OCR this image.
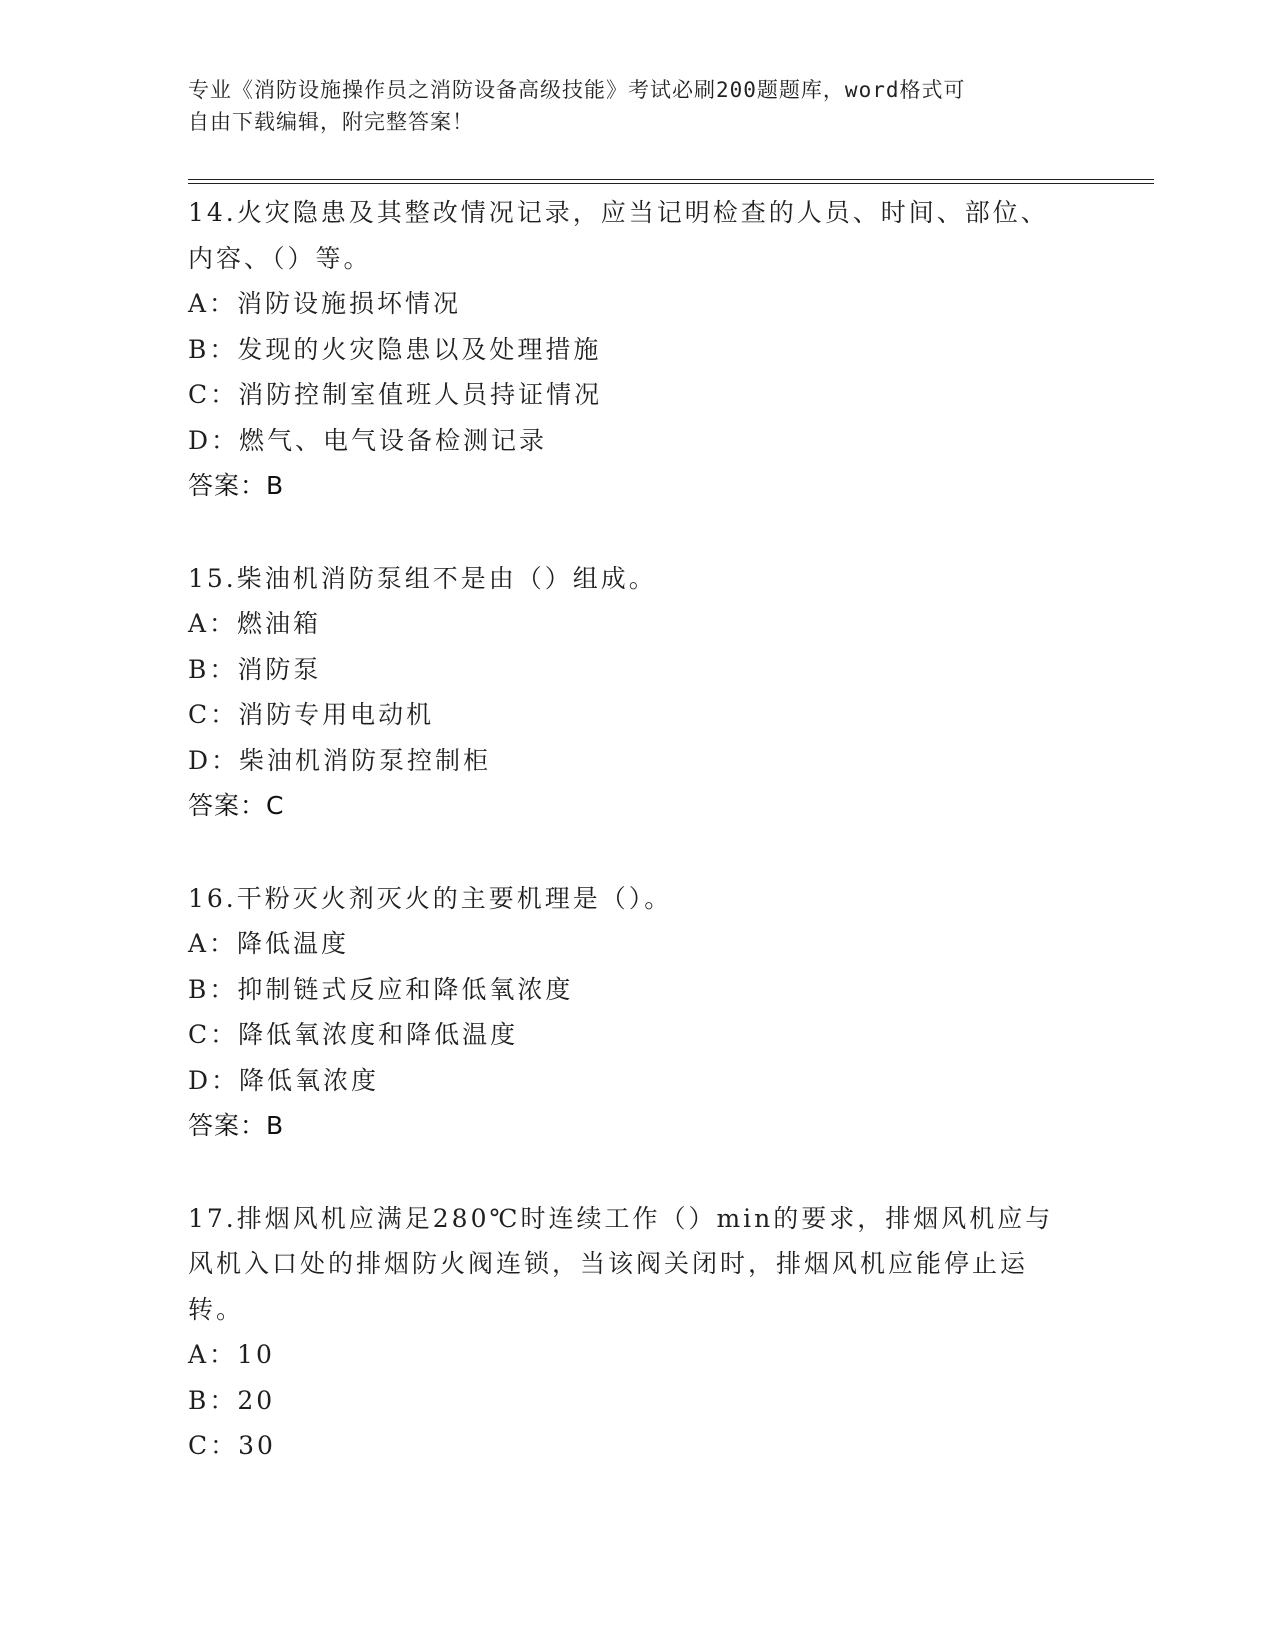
专业《消防设施操作员之消防设备高级技能》考试必刷200题题库，word格式可
自由下载编辑，附完整答案！
14.火灾隐患及其整改情况记录，应当记明检查的人员、时间、部位、
内容、（）等。
A：消防设施损坏情况
B：发现的火灾隐患以及处理措施
C：消防控制室值班人员持证情况
D：燃气、电气设备检测记录
答案：B
15.柴油机消防泵组不是由（）组成。
A：燃油箱
B：消防泵
C：消防专用电动机
D：柴油机消防泵控制柜
答案：C
16.干粉灭火剂灭火的主要机理是（）。
A：降低温度
B：抑制链式反应和降低氧浓度
C：降低氧浓度和降低温度
D：降低氧浓度
答案：B
17.排烟风机应满足280℃时连续工作（）min的要求，排烟风机应与
风机入口处的排烟防火阀连锁，当该阀关闭时，排烟风机应能停止运
转。
A：10
B：20
C：30
